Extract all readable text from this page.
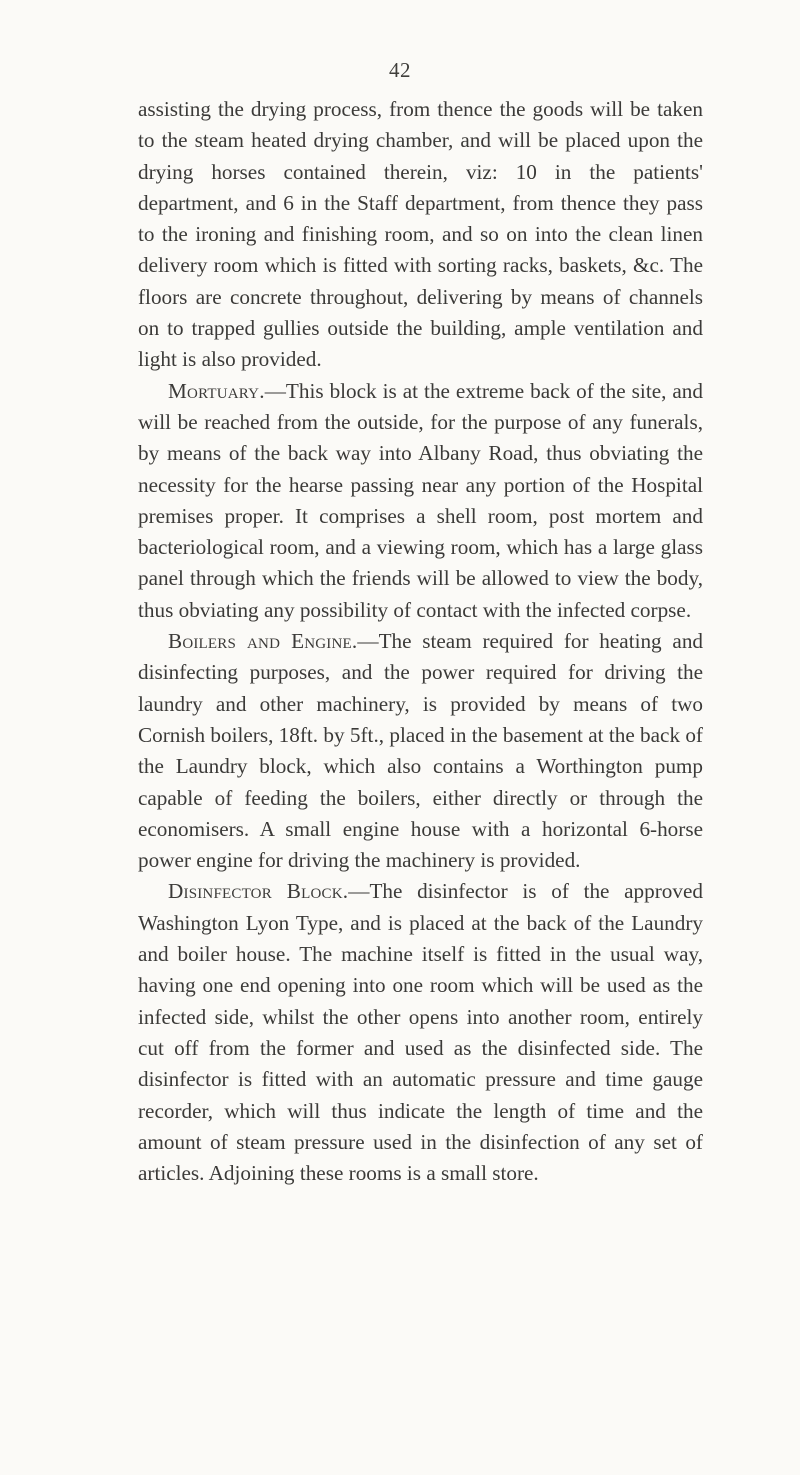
42

assisting the drying process, from thence the goods will be taken to the steam heated drying chamber, and will be placed upon the drying horses contained therein, viz: 10 in the patients' department, and 6 in the Staff department, from thence they pass to the ironing and finishing room, and so on into the clean linen delivery room which is fitted with sorting racks, baskets, &c. The floors are concrete throughout, delivering by means of channels on to trapped gullies outside the building, ample ventilation and light is also provided.

Mortuary.—This block is at the extreme back of the site, and will be reached from the outside, for the purpose of any funerals, by means of the back way into Albany Road, thus obviating the necessity for the hearse passing near any portion of the Hospital premises proper. It comprises a shell room, post mortem and bacteriological room, and a viewing room, which has a large glass panel through which the friends will be allowed to view the body, thus obviating any possibility of contact with the infected corpse.

Boilers and Engine.—The steam required for heating and disinfecting purposes, and the power required for driving the laundry and other machinery, is provided by means of two Cornish boilers, 18ft. by 5ft., placed in the basement at the back of the Laundry block, which also contains a Worthington pump capable of feeding the boilers, either directly or through the economisers. A small engine house with a horizontal 6-horse power engine for driving the machinery is provided.

Disinfector Block.—The disinfector is of the approved Washington Lyon Type, and is placed at the back of the Laundry and boiler house. The machine itself is fitted in the usual way, having one end opening into one room which will be used as the infected side, whilst the other opens into another room, entirely cut off from the former and used as the disinfected side. The disinfector is fitted with an automatic pressure and time gauge recorder, which will thus indicate the length of time and the amount of steam pressure used in the disinfection of any set of articles. Adjoining these rooms is a small store.
